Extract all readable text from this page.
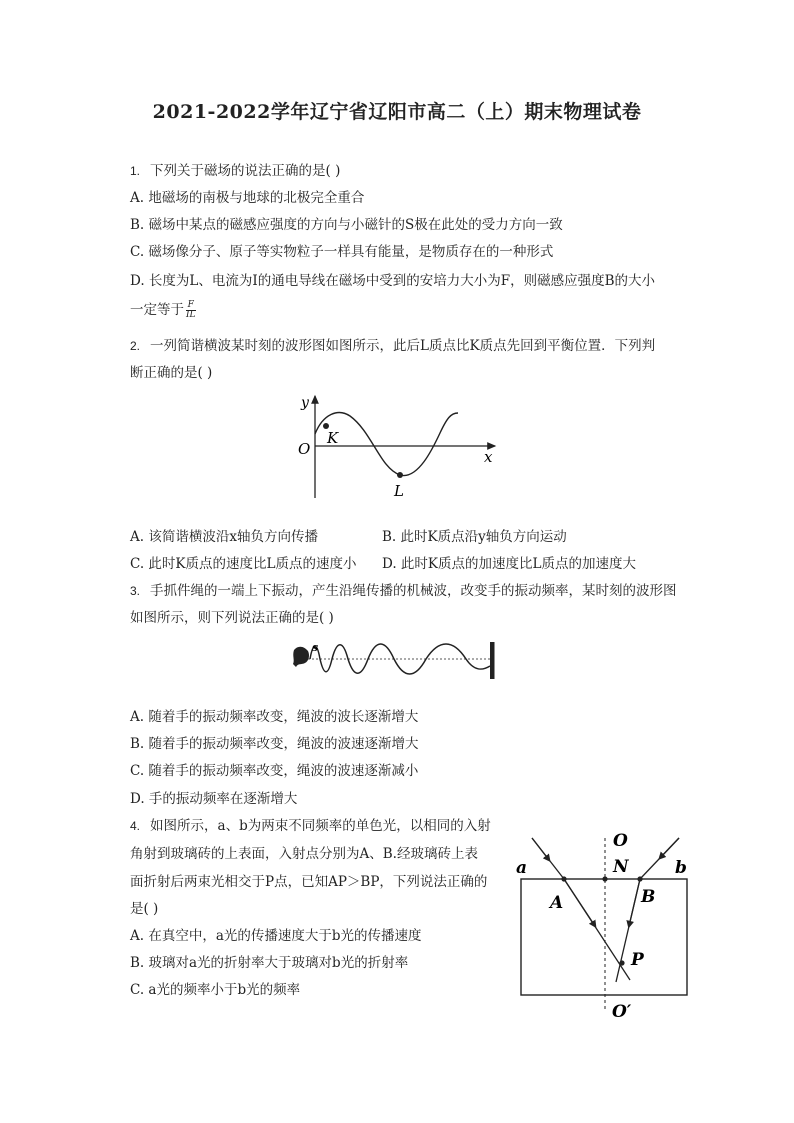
2021-2022学年辽宁省辽阳市高二（上）期末物理试卷
1. 下列关于磁场的说法正确的是( )
A. 地磁场的南极与地球的北极完全重合
B. 磁场中某点的磁感应强度的方向与小磁针的S极在此处的受力方向一致
C. 磁场像分子、原子等实物粒子一样具有能量，是物质存在的一种形式
D. 长度为L、电流为I的通电导线在磁场中受到的安培力大小为F，则磁感应强度B的大小
一定等于 $\frac{F}{IL}$
2. 一列简谐横波某时刻的波形图如图所示，此后L质点比K质点先回到平衡位置．下列判
断正确的是( )
y
O
K
L
x
A. 该简谐横波沿x轴负方向传播	B. 此时K质点沿y轴负方向运动
C. 此时K质点的速度比L质点的速度小 D. 此时K质点的加速度比L质点的加速度大
3. 手抓件绳的一端上下振动，产生沿绳传播的机械波，改变手的振动频率，某时刻的波形图
如图所示，则下列说法正确的是( )
s
A. 随着手的振动频率改变，绳波的波长逐渐增大
B. 随着手的振动频率改变，绳波的波速逐渐增大
C. 随着手的振动频率改变，绳波的波速逐渐减小
D. 手的振动频率在逐渐增大
4. 如图所示，a、b为两束不同频率的单色光，以相同的入射
角射到玻璃砖的上表面，入射点分别为A、B.经玻璃砖上表
面折射后两束光相交于P点，已知AP＞BP，下列说法正确的
是( )
A. 在真空中，a光的传播速度大于b光的传播速度
B. 玻璃对a光的折射率大于玻璃对b光的折射率
C. a光的频率小于b光的频率
O
N
a	b
A	B
P
O′
